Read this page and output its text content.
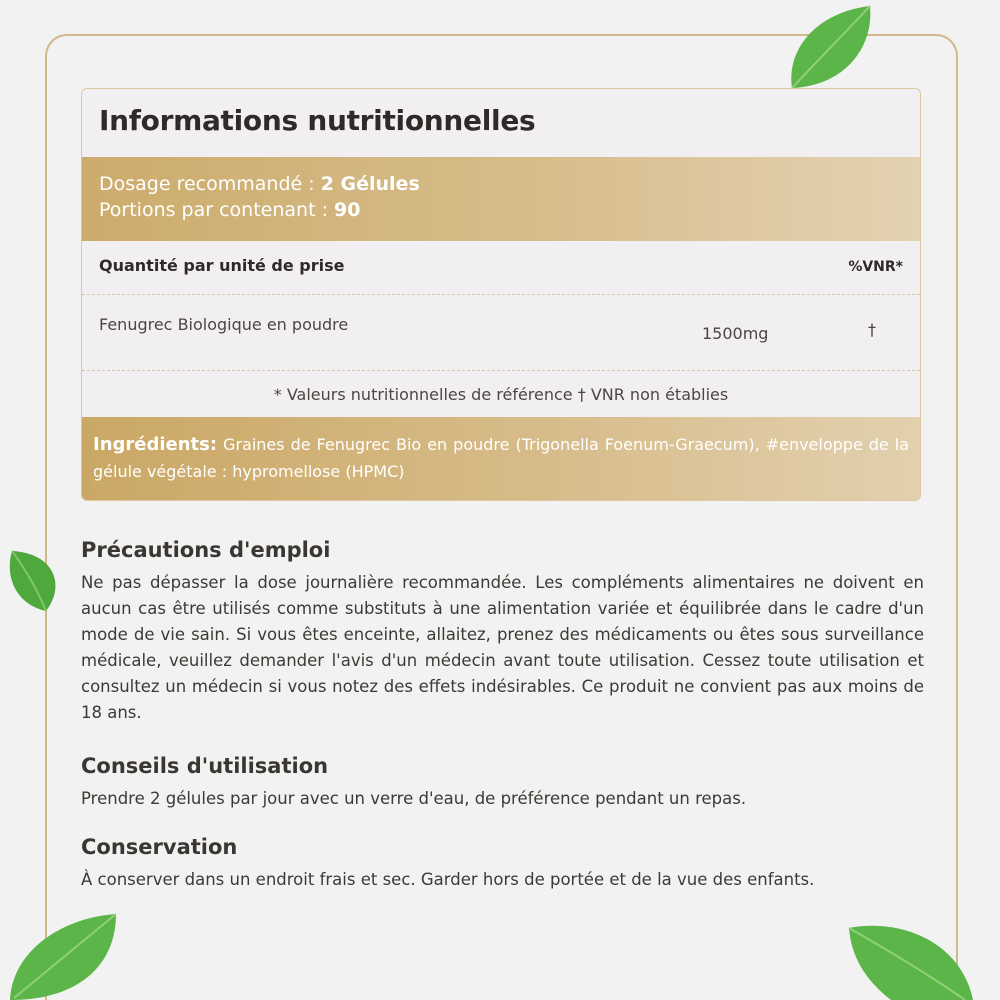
Informations nutritionnelles
Dosage recommandé : 2 Gélules
Portions par contenant : 90
Quantité par unité de prise	%VNR*
Fenugrec Biologique en poudre	1500mg	†
* Valeurs nutritionnelles de référence † VNR non établies
Ingrédients: Graines de Fenugrec Bio en poudre (Trigonella Foenum-Graecum), #enveloppe de la gélule végétale : hypromellose (HPMC)
Précautions d'emploi

Ne pas dépasser la dose journalière recommandée. Les compléments alimentaires ne doivent en aucun cas être utilisés comme substituts à une alimentation variée et équilibrée dans le cadre d'un mode de vie sain. Si vous êtes enceinte, allaitez, prenez des médicaments ou êtes sous surveillance médicale, veuillez demander l'avis d'un médecin avant toute utilisation. Cessez toute utilisation et consultez un médecin si vous notez des effets indésirables. Ce produit ne convient pas aux moins de 18 ans.

Conseils d'utilisation

Prendre 2 gélules par jour avec un verre d'eau, de préférence pendant un repas.

Conservation

À conserver dans un endroit frais et sec. Garder hors de portée et de la vue des enfants.
